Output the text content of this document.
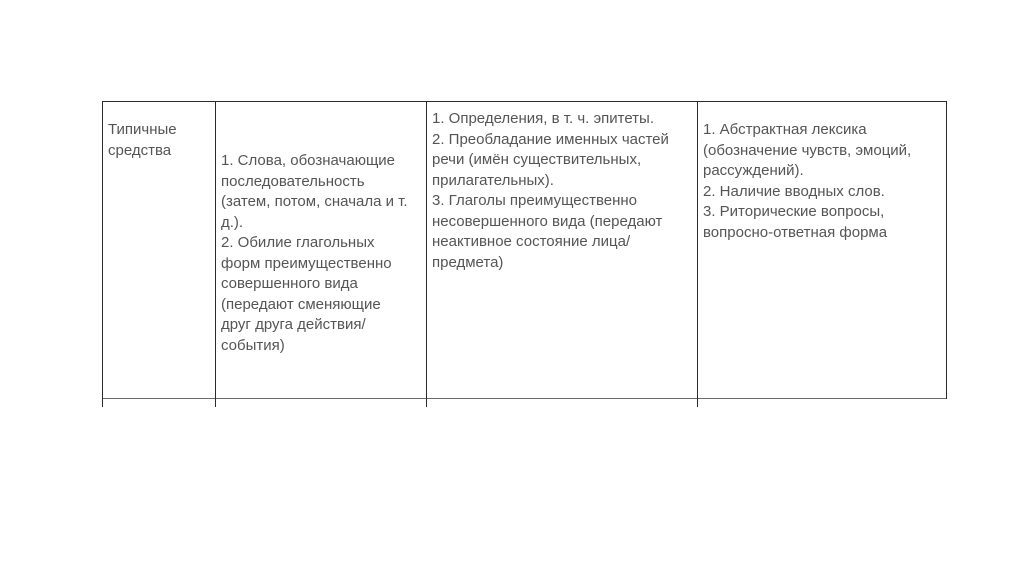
Типичные
средства
1. Слова, обозначающие
последовательность
(затем, потом, сначала и т.
д.).
2. Обилие глагольных
форм преимущественно
совершенного вида
(передают сменяющие
друг друга действия/
события)
1. Определения, в т. ч. эпитеты.
2. Преобладание именных частей
речи (имён существительных,
прилагательных).
3. Глаголы преимущественно
несовершенного вида (передают
неактивное состояние лица/
предмета)
1. Абстрактная лексика
(обозначение чувств, эмоций,
рассуждений).
2. Наличие вводных слов.
3. Риторические вопросы,
вопросно-ответная форма
